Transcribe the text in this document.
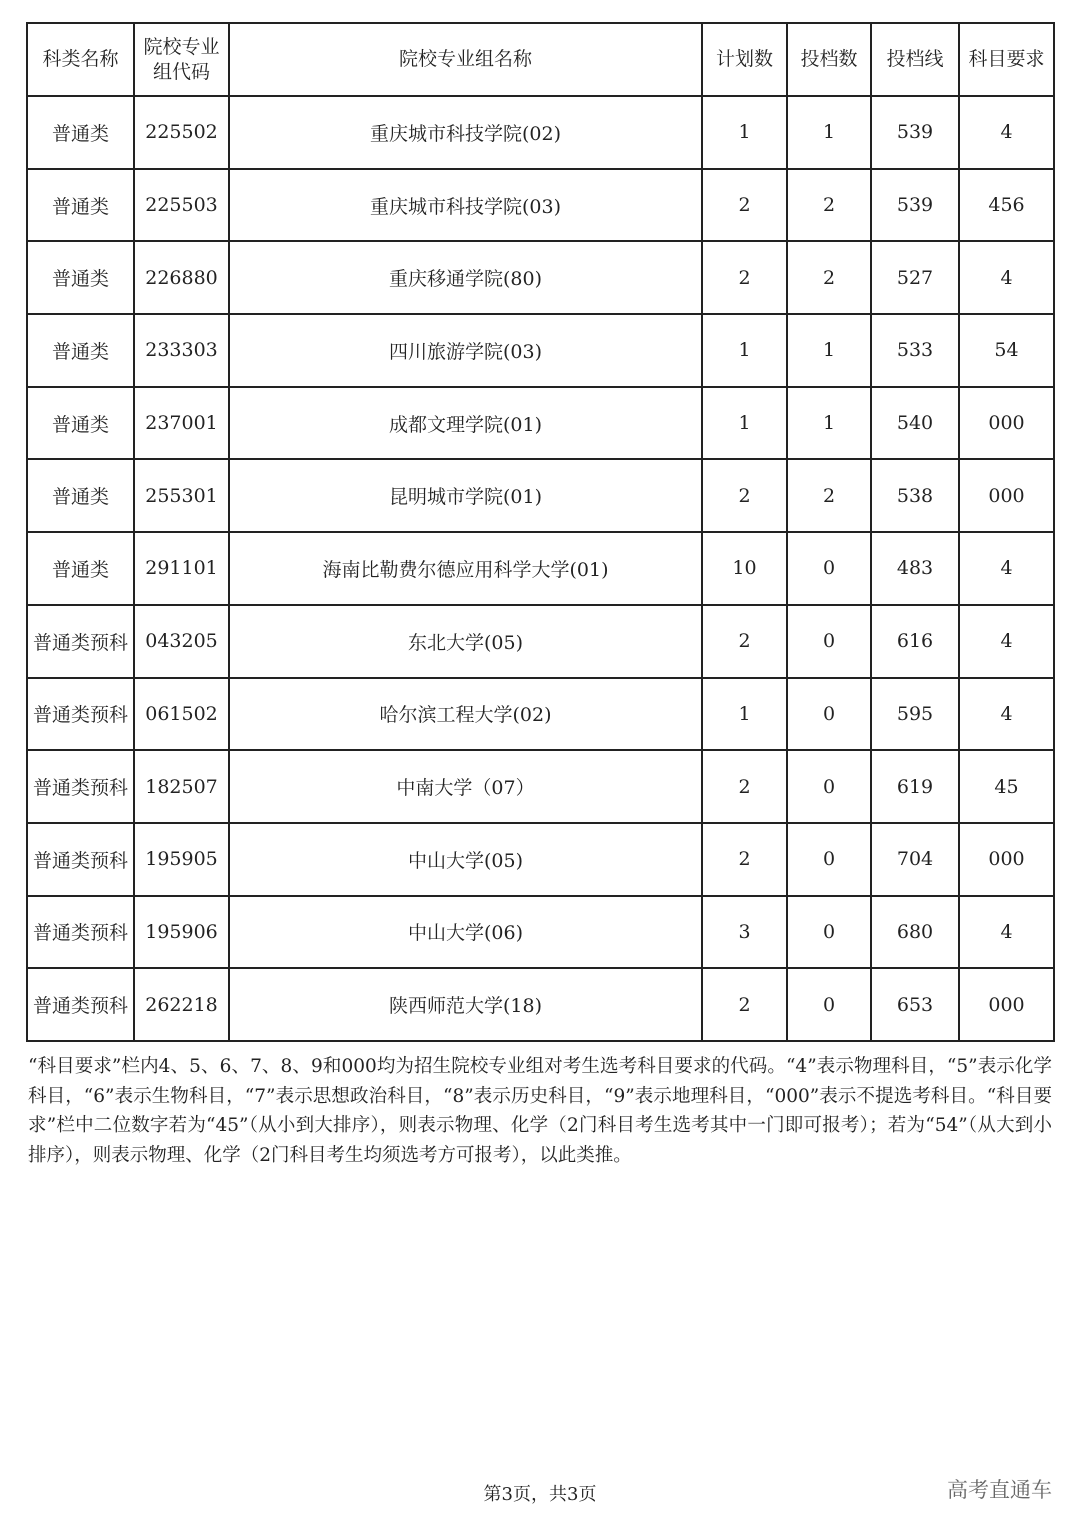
科类名称	院校专业组代码	院校专业组名称	计划数	投档数	投档线	科目要求
普通类	225502	重庆城市科技学院(02)	1	1	539	4
普通类	225503	重庆城市科技学院(03)	2	2	539	456
普通类	226880	重庆移通学院(80)	2	2	527	4
普通类	233303	四川旅游学院(03)	1	1	533	54
普通类	237001	成都文理学院(01)	1	1	540	000
普通类	255301	昆明城市学院(01)	2	2	538	000
普通类	291101	海南比勒费尔德应用科学大学(01)	10	0	483	4
普通类预科	043205	东北大学(05)	2	0	616	4
普通类预科	061502	哈尔滨工程大学(02)	1	0	595	4
普通类预科	182507	中南大学（07）	2	0	619	45
普通类预科	195905	中山大学(05)	2	0	704	000
普通类预科	195906	中山大学(06)	3	0	680	4
普通类预科	262218	陕西师范大学(18)	2	0	653	000
“科目要求”栏内4、5、6、7、8、9和000均为招生院校专业组对考生选考科目要求的代码。“4”表示物理科目，“5”表示化学科目，“6”表示生物科目，“7”表示思想政治科目，“8”表示历史科目，“9”表示地理科目，“000”表示不提选考科目。“科目要求”栏中二位数字若为“45”（从小到大排序），则表示物理、化学（2门科目考生选考其中一门即可报考）；若为“54”（从大到小排序），则表示物理、化学（2门科目考生均须选考方可报考），以此类推。
第3页，共3页	高考直通车
